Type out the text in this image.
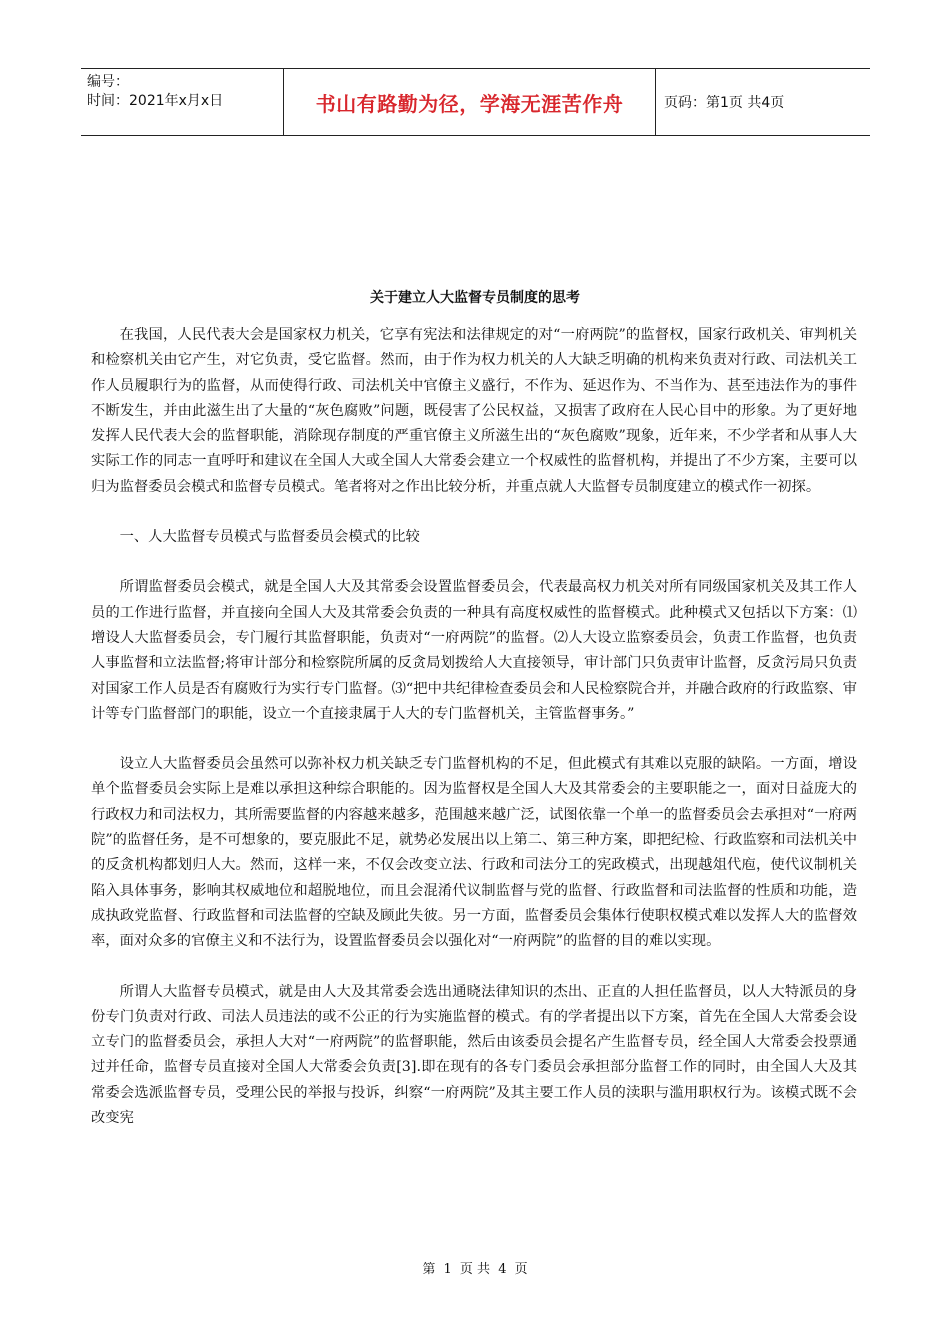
编号：
时间：2021年x月x日	书山有路勤为径，学海无涯苦作舟	页码：第1页 共4页
关于建立人大监督专员制度的思考

在我国，人民代表大会是国家权力机关，它享有宪法和法律规定的对“一府两院”的监督权，国家行政机关、审判机关和检察机关由它产生，对它负责，受它监督。然而，由于作为权力机关的人大缺乏明确的机构来负责对行政、司法机关工作人员履职行为的监督，从而使得行政、司法机关中官僚主义盛行，不作为、延迟作为、不当作为、甚至违法作为的事件不断发生，并由此滋生出了大量的“灰色腐败”问题，既侵害了公民权益，又损害了政府在人民心目中的形象。为了更好地发挥人民代表大会的监督职能，消除现存制度的严重官僚主义所滋生出的“灰色腐败”现象，近年来，不少学者和从事人大实际工作的同志一直呼吁和建议在全国人大或全国人大常委会建立一个权威性的监督机构，并提出了不少方案，主要可以归为监督委员会模式和监督专员模式。笔者将对之作出比较分析，并重点就人大监督专员制度建立的模式作一初探。

一、人大监督专员模式与监督委员会模式的比较

所谓监督委员会模式，就是全国人大及其常委会设置监督委员会，代表最高权力机关对所有同级国家机关及其工作人员的工作进行监督，并直接向全国人大及其常委会负责的一种具有高度权威性的监督模式。此种模式又包括以下方案：⑴增设人大监督委员会，专门履行其监督职能，负责对“一府两院”的监督。⑵人大设立监察委员会，负责工作监督，也负责人事监督和立法监督;将审计部分和检察院所属的反贪局划拨给人大直接领导，审计部门只负责审计监督，反贪污局只负责对国家工作人员是否有腐败行为实行专门监督。⑶“把中共纪律检查委员会和人民检察院合并，并融合政府的行政监察、审计等专门监督部门的职能，设立一个直接隶属于人大的专门监督机关，主管监督事务。”

设立人大监督委员会虽然可以弥补权力机关缺乏专门监督机构的不足，但此模式有其难以克服的缺陷。一方面，增设单个监督委员会实际上是难以承担这种综合职能的。因为监督权是全国人大及其常委会的主要职能之一，面对日益庞大的行政权力和司法权力，其所需要监督的内容越来越多，范围越来越广泛，试图依靠一个单一的监督委员会去承担对“一府两院”的监督任务，是不可想象的，要克服此不足，就势必发展出以上第二、第三种方案，即把纪检、行政监察和司法机关中的反贪机构都划归人大。然而，这样一来，不仅会改变立法、行政和司法分工的宪政模式，出现越俎代庖，使代议制机关陷入具体事务，影响其权威地位和超脱地位，而且会混淆代议制监督与党的监督、行政监督和司法监督的性质和功能，造成执政党监督、行政监督和司法监督的空缺及顾此失彼。另一方面，监督委员会集体行使职权模式难以发挥人大的监督效率，面对众多的官僚主义和不法行为，设置监督委员会以强化对“一府两院”的监督的目的难以实现。

所谓人大监督专员模式，就是由人大及其常委会选出通晓法律知识的杰出、正直的人担任监督员，以人大特派员的身份专门负责对行政、司法人员违法的或不公正的行为实施监督的模式。有的学者提出以下方案，首先在全国人大常委会设立专门的监督委员会，承担人大对“一府两院”的监督职能，然后由该委员会提名产生监督专员，经全国人大常委会投票通过并任命，监督专员直接对全国人大常委会负责[3].即在现有的各专门委员会承担部分监督工作的同时，由全国人大及其常委会选派监督专员，受理公民的举报与投诉，纠察“一府两院”及其主要工作人员的渎职与滥用职权行为。该模式既不会改变宪

第 1 页 共 4 页
